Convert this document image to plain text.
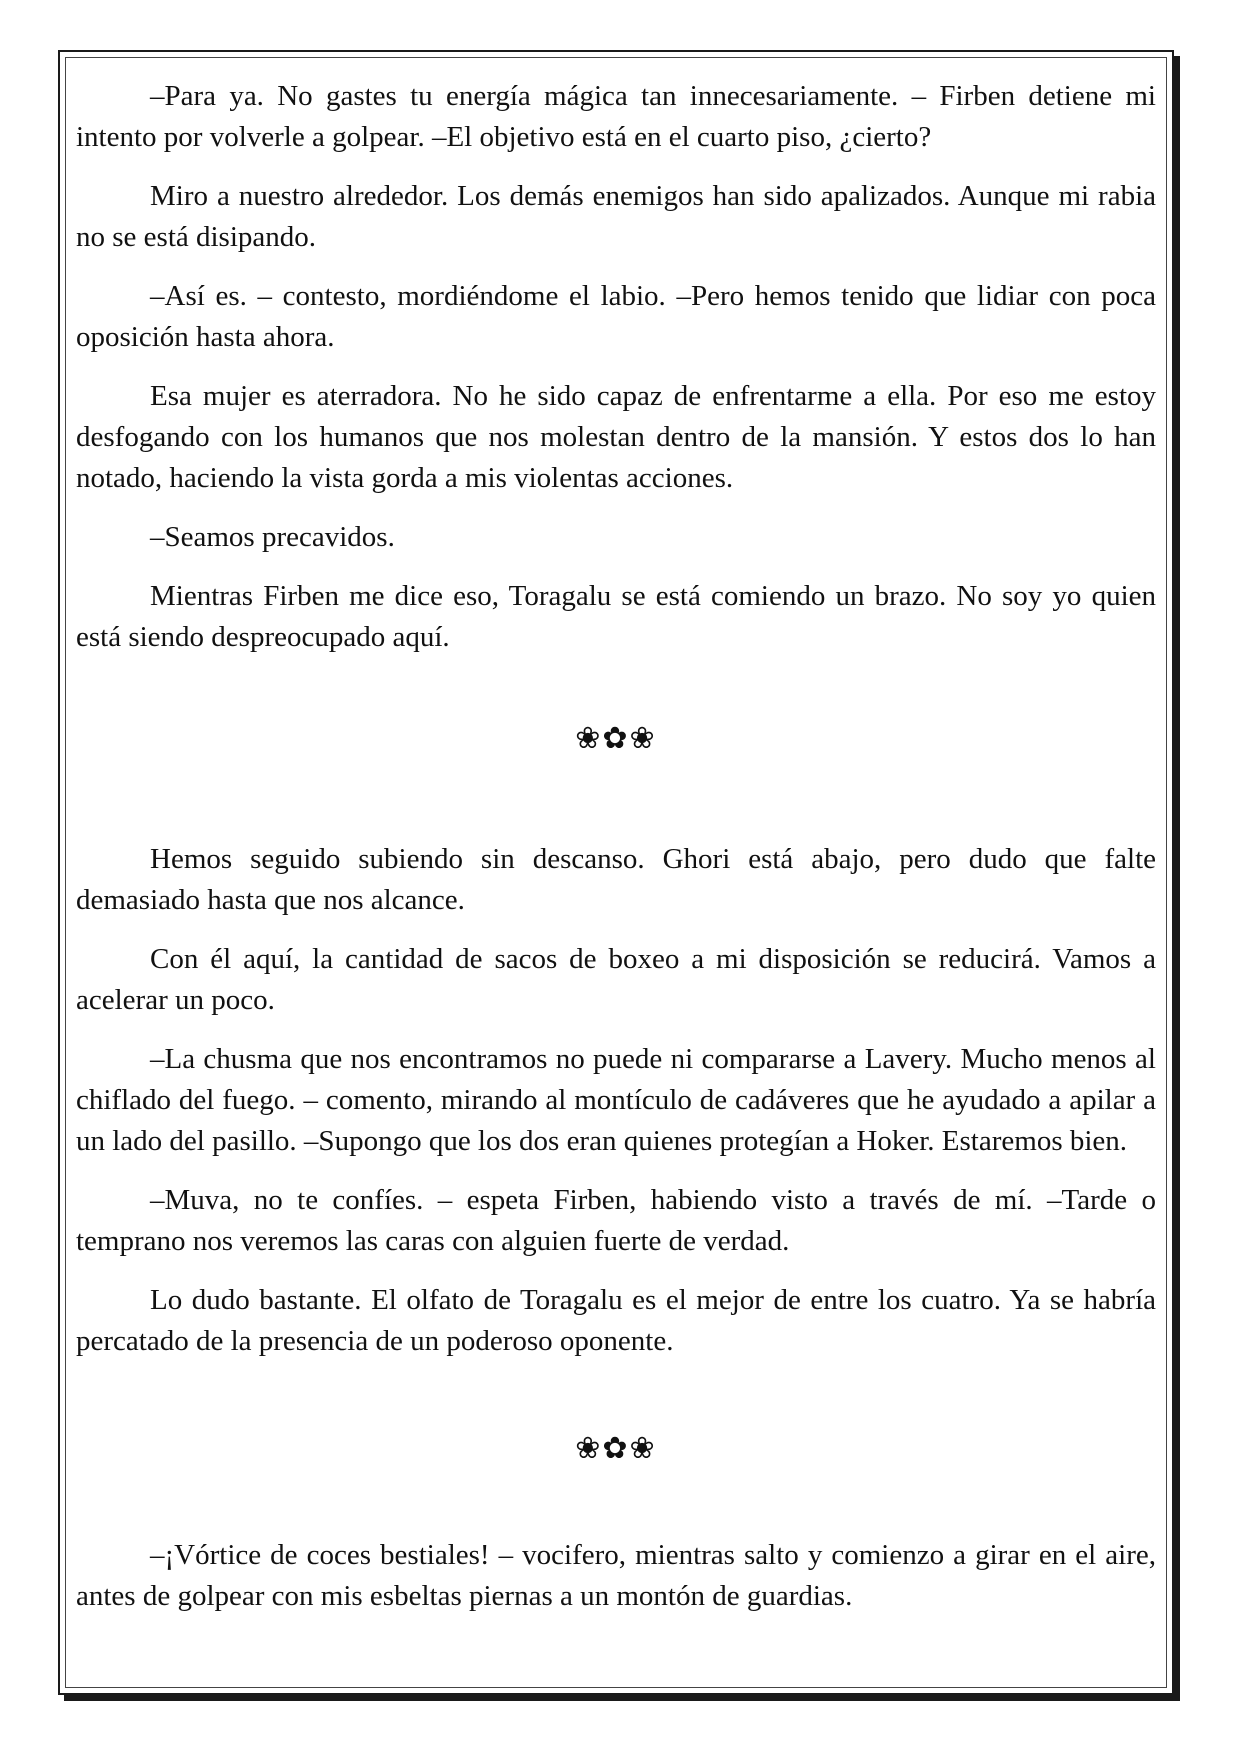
–Para ya. No gastes tu energía mágica tan innecesariamente. – Firben detiene mi intento por volverle a golpear. –El objetivo está en el cuarto piso, ¿cierto?

Miro a nuestro alrededor. Los demás enemigos han sido apalizados. Aunque mi rabia no se está disipando.

–Así es. – contesto, mordiéndome el labio. –Pero hemos tenido que lidiar con poca oposición hasta ahora.

Esa mujer es aterradora. No he sido capaz de enfrentarme a ella. Por eso me estoy desfogando con los humanos que nos molestan dentro de la mansión. Y estos dos lo han notado, haciendo la vista gorda a mis violentas acciones.

–Seamos precavidos.

Mientras Firben me dice eso, Toragalu se está comiendo un brazo. No soy yo quien está siendo despreocupado aquí.

❀✿❀

Hemos seguido subiendo sin descanso. Ghori está abajo, pero dudo que falte demasiado hasta que nos alcance.

Con él aquí, la cantidad de sacos de boxeo a mi disposición se reducirá. Vamos a acelerar un poco.

–La chusma que nos encontramos no puede ni compararse a Lavery. Mucho menos al chiflado del fuego. – comento, mirando al montículo de cadáveres que he ayudado a apilar a un lado del pasillo. –Supongo que los dos eran quienes protegían a Hoker. Estaremos bien.

–Muva, no te confíes. – espeta Firben, habiendo visto a través de mí. –Tarde o temprano nos veremos las caras con alguien fuerte de verdad.

Lo dudo bastante. El olfato de Toragalu es el mejor de entre los cuatro. Ya se habría percatado de la presencia de un poderoso oponente.

❀✿❀

–¡Vórtice de coces bestiales! – vocifero, mientras salto y comienzo a girar en el aire, antes de golpear con mis esbeltas piernas a un montón de guardias.
